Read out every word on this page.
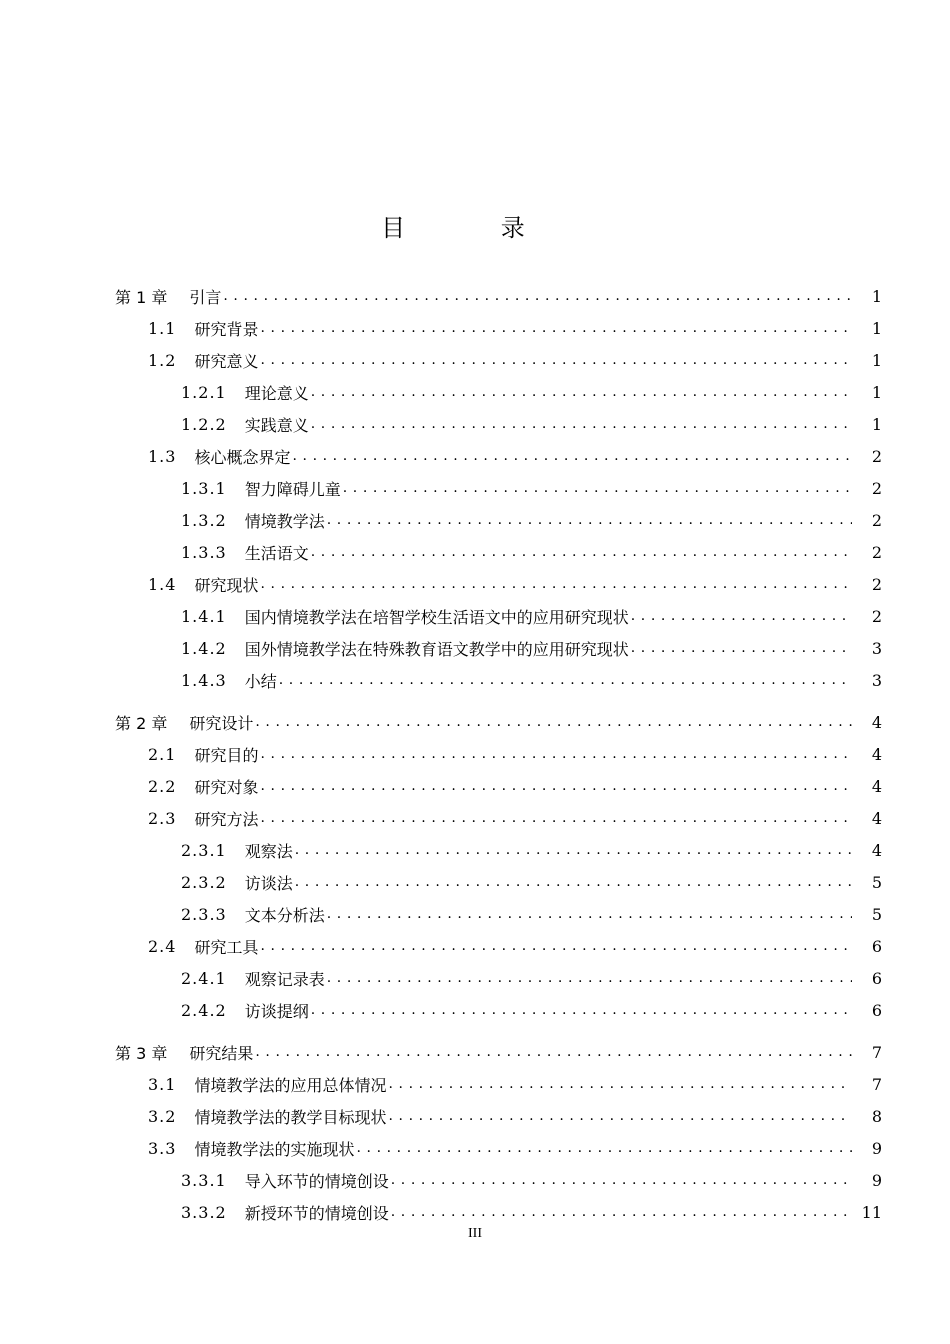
目 录
第 1 章 引言 .....	1
1.1 研究背景 .....	1
1.2 研究意义 .....	1
1.2.1 理论意义 .....	1
1.2.2 实践意义 .....	1
1.3 核心概念界定 .....	2
1.3.1 智力障碍儿童 .....	2
1.3.2 情境教学法 .....	2
1.3.3 生活语文 .....	2
1.4 研究现状 .....	2
1.4.1 国内情境教学法在培智学校生活语文中的应用研究现状 .....	2
1.4.2 国外情境教学法在特殊教育语文教学中的应用研究现状 .....	3
1.4.3 小结 .....	3
第 2 章 研究设计 .....	4
2.1 研究目的 .....	4
2.2 研究对象 .....	4
2.3 研究方法 .....	4
2.3.1 观察法 .....	4
2.3.2 访谈法 .....	5
2.3.3 文本分析法 .....	5
2.4 研究工具 .....	6
2.4.1 观察记录表 .....	6
2.4.2 访谈提纲 .....	6
第 3 章 研究结果 .....	7
3.1 情境教学法的应用总体情况 .....	7
3.2 情境教学法的教学目标现状 .....	8
3.3 情境教学法的实施现状 .....	9
3.3.1 导入环节的情境创设 .....	9
3.3.2 新授环节的情境创设 .....	11
III
